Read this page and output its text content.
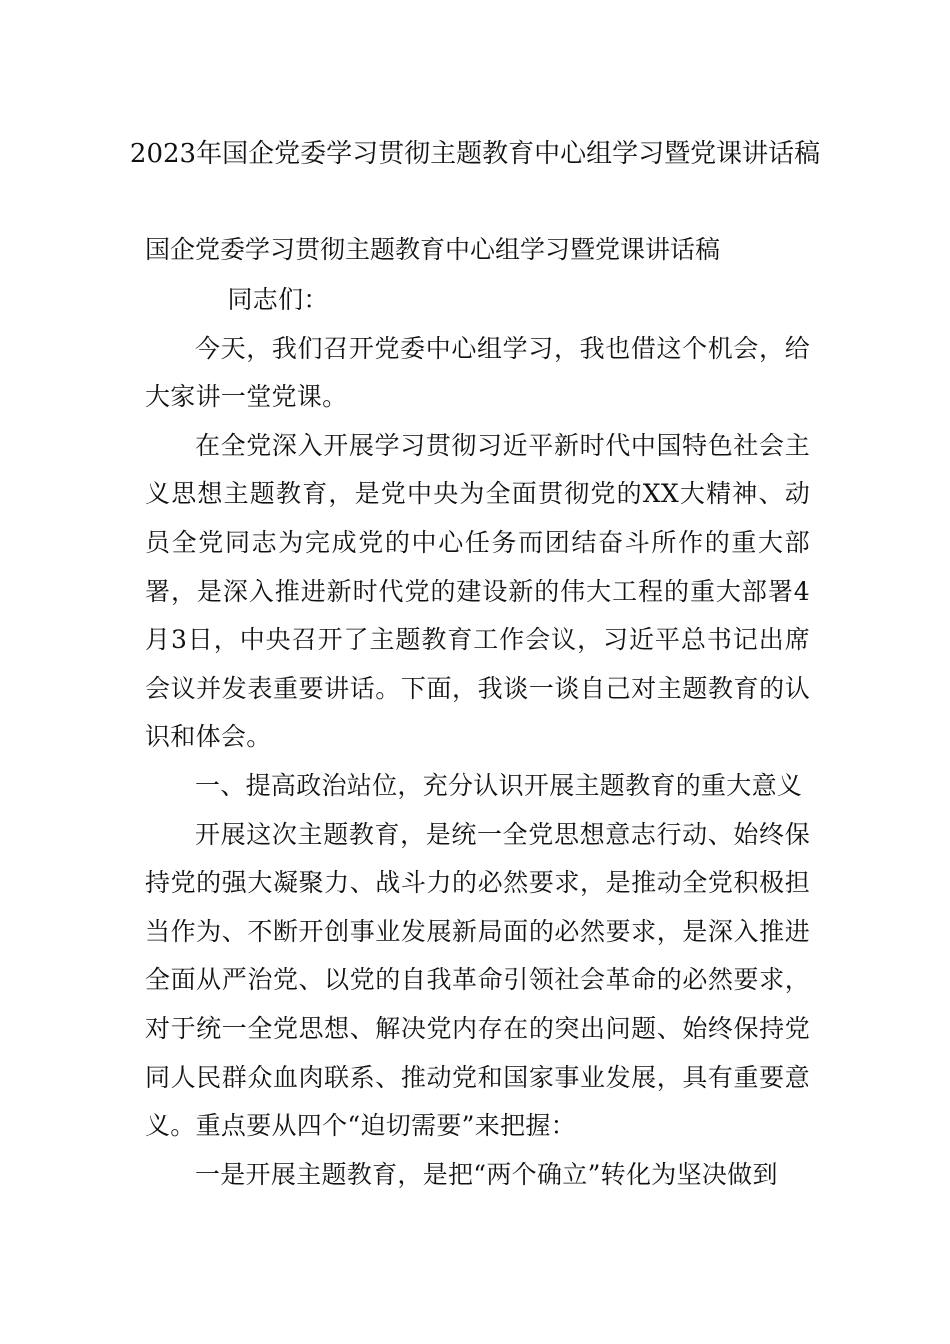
2023年国企党委学习贯彻主题教育中心组学习暨党课讲话稿
国企党委学习贯彻主题教育中心组学习暨党课讲话稿

同志们：

今天，我们召开党委中心组学习，我也借这个机会，给大家讲一堂党课。

在全党深入开展学习贯彻习近平新时代中国特色社会主义思想主题教育，是党中央为全面贯彻党的XX大精神、动员全党同志为完成党的中心任务而团结奋斗所作的重大部署，是深入推进新时代党的建设新的伟大工程的重大部署4月3日，中央召开了主题教育工作会议，习近平总书记出席会议并发表重要讲话。下面，我谈一谈自己对主题教育的认识和体会。

一、提高政治站位，充分认识开展主题教育的重大意义

开展这次主题教育，是统一全党思想意志行动、始终保持党的强大凝聚力、战斗力的必然要求，是推动全党积极担当作为、不断开创事业发展新局面的必然要求，是深入推进全面从严治党、以党的自我革命引领社会革命的必然要求，对于统一全党思想、解决党内存在的突出问题、始终保持党同人民群众血肉联系、推动党和国家事业发展，具有重要意义。重点要从四个“迫切需要”来把握：

一是开展主题教育，是把“两个确立”转化为坚决做到
